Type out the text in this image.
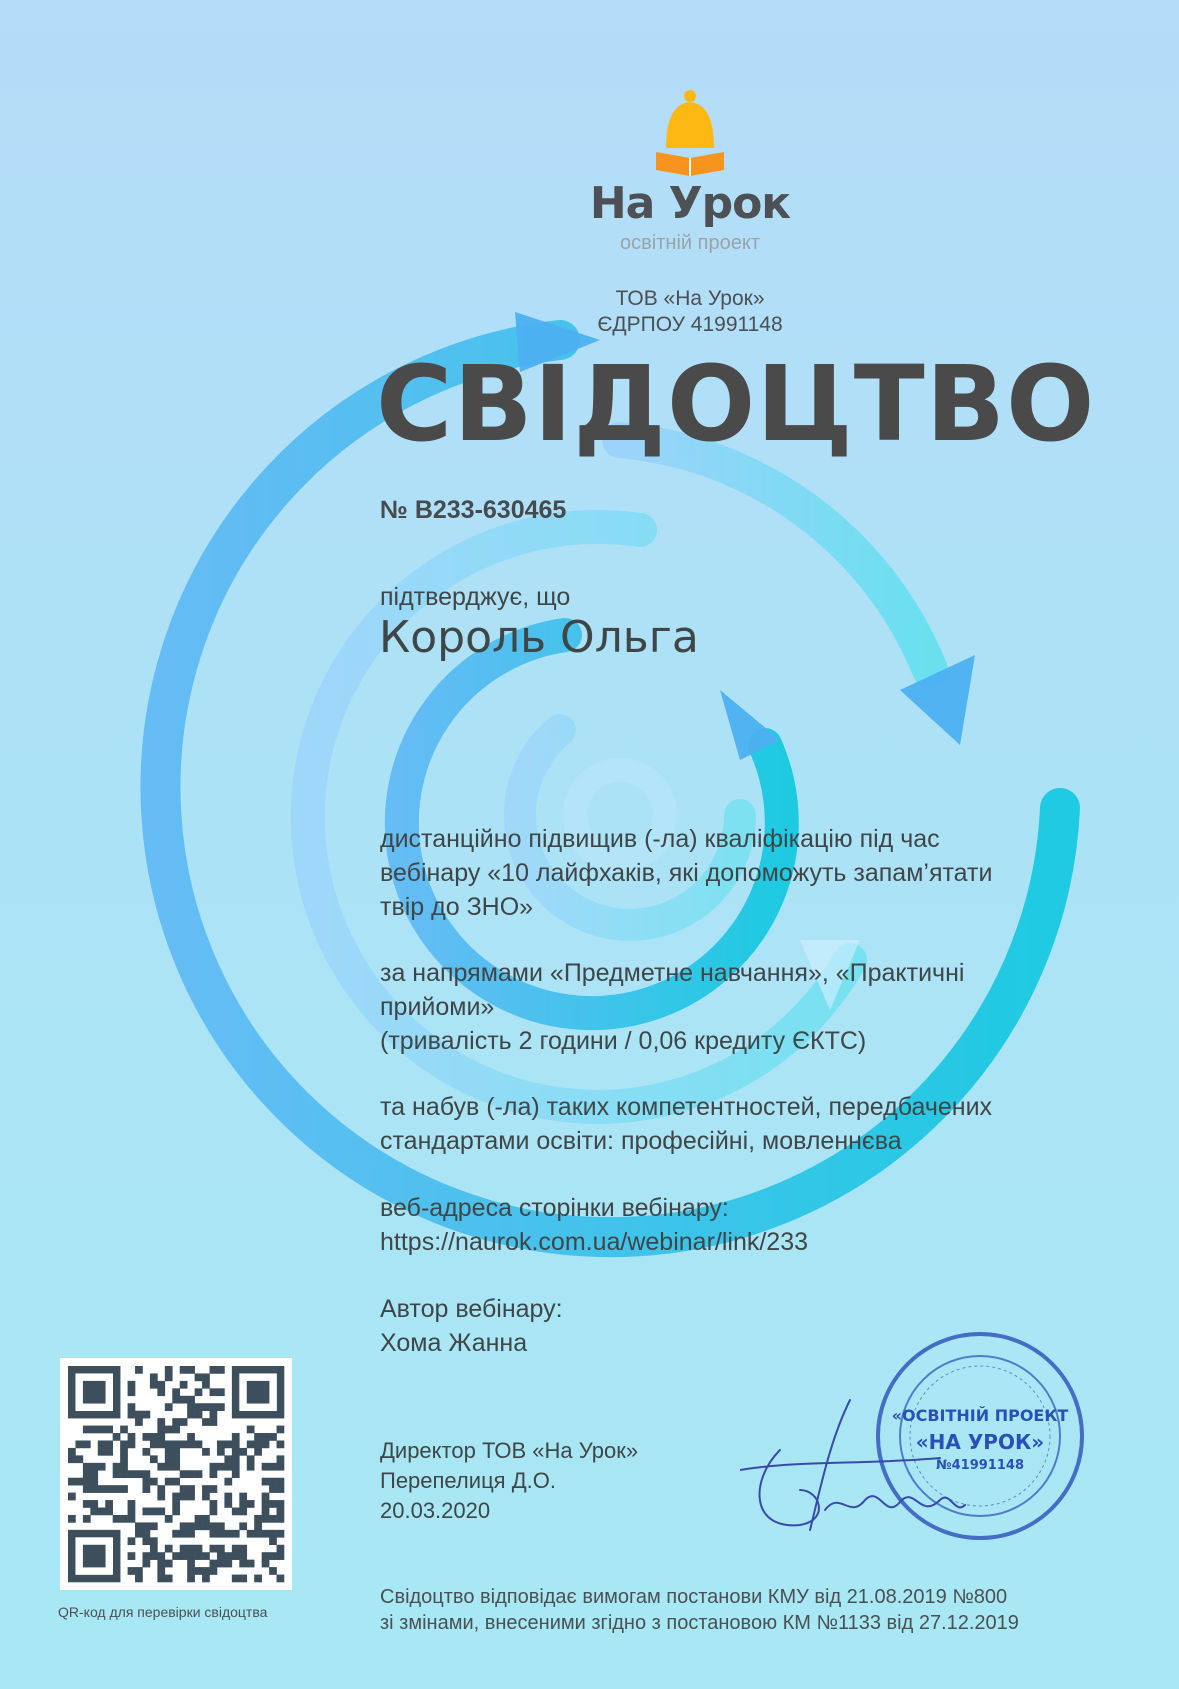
На Урок
освітній проект
ТОВ «На Урок»
ЄДРПОУ 41991148
СВІДОЦТВО
№ В233-630465
підтверджує, що
Король Ольга
дистанційно підвищив (-ла) кваліфікацію під час
вебінару «10 лайфхаків, які допоможуть запам’ятати
твір до ЗНО»
за напрямами «Предметне навчання», «Практичні
прийоми»
(тривалість 2 години / 0,06 кредиту ЄКТС)
та набув (-ла) таких компетентностей, передбачених
стандартами освіти: професійні, мовленнєва
веб-адреса сторінки вебінару:
https://naurok.com.ua/webinar/link/233
Автор вебінару:
Хома Жанна
Директор ТОВ «На Урок»
Перепелиця Д.О.
20.03.2020
QR-код для перевірки свідоцтва
«ОСВІТНІЙ ПРОЕКТ
«НА УРОК»
№41991148
Свідоцтво відповідає вимогам постанови КМУ від 21.08.2019 №800
зі змінами, внесеними згідно з постановою КМ №1133 від 27.12.2019
